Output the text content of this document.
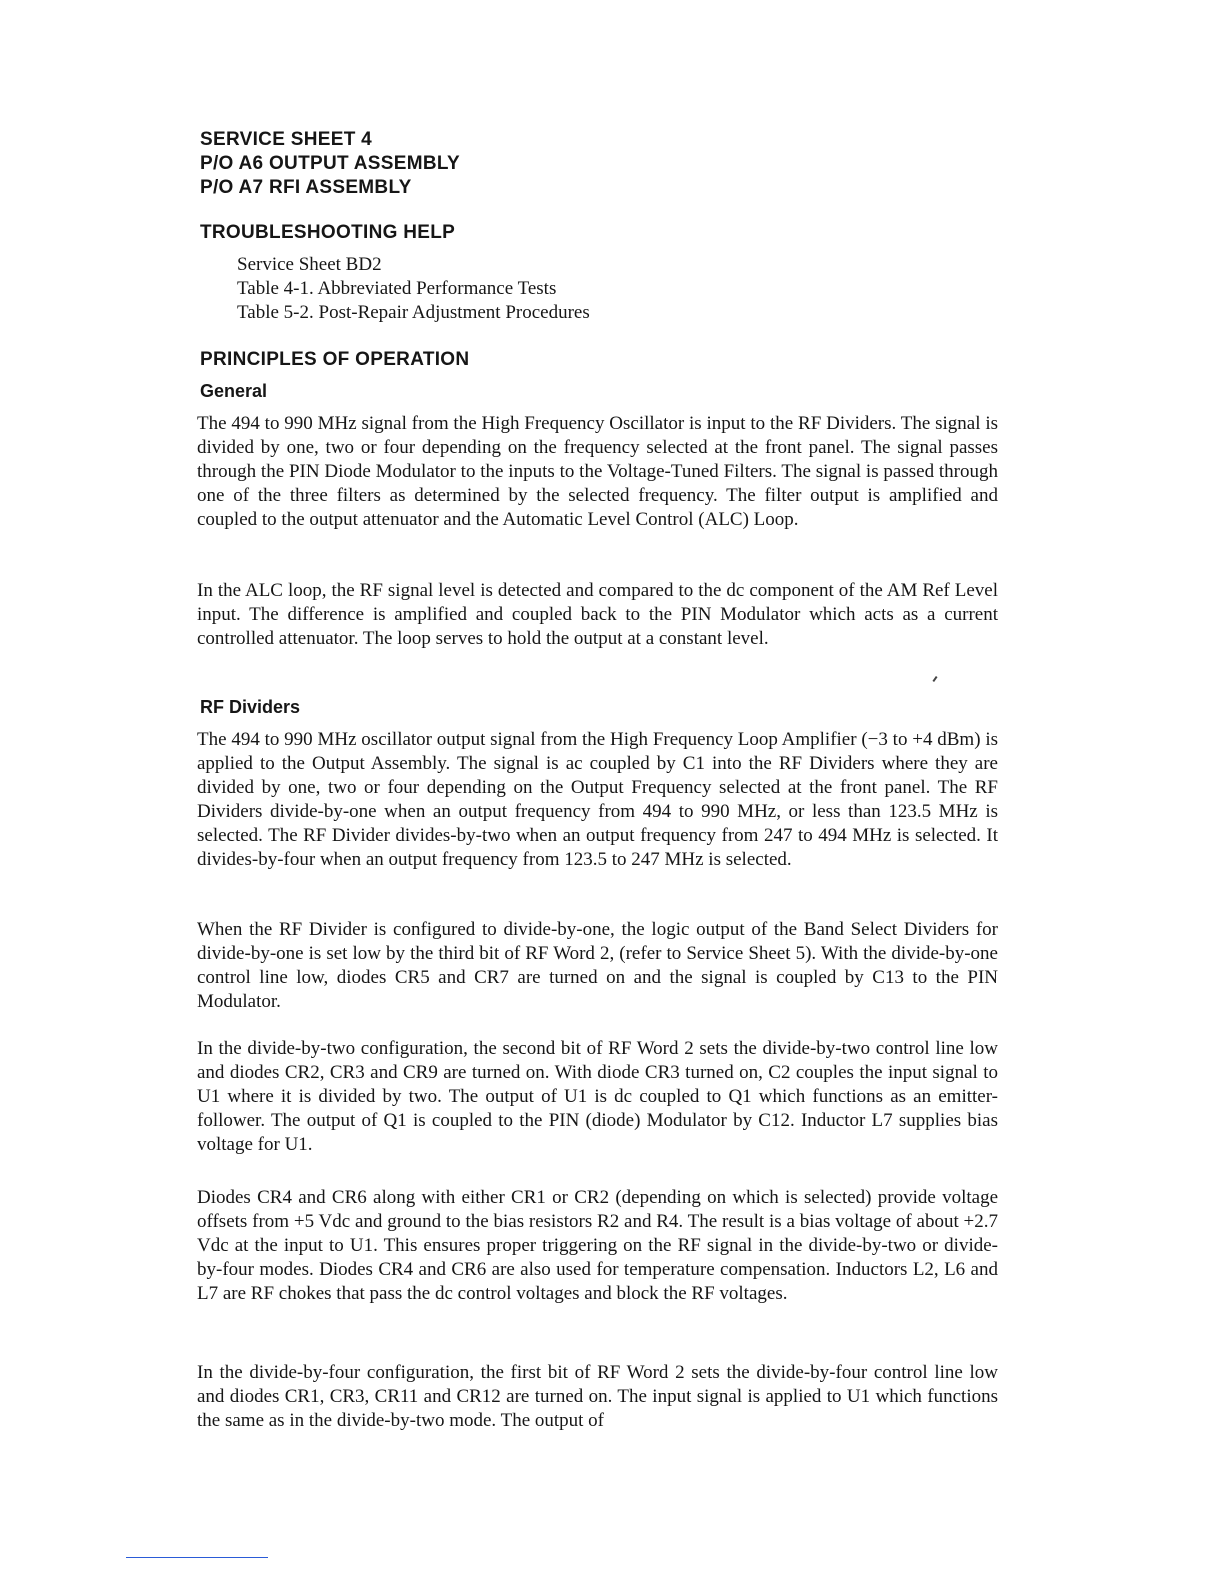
SERVICE SHEET 4
P/O A6 OUTPUT ASSEMBLY
P/O A7 RFI ASSEMBLY
TROUBLESHOOTING HELP
Service Sheet BD2
Table 4-1. Abbreviated Performance Tests
Table 5-2. Post-Repair Adjustment Procedures
PRINCIPLES OF OPERATION
General

The 494 to 990 MHz signal from the High Frequency Oscillator is input to the RF Dividers. The signal is divided by one, two or four depending on the frequency selected at the front panel. The signal passes through the PIN Diode Modulator to the inputs to the Voltage-Tuned Filters. The signal is passed through one of the three filters as determined by the selected frequency. The filter output is amplified and coupled to the output attenuator and the Automatic Level Control (ALC) Loop.

In the ALC loop, the RF signal level is detected and compared to the dc component of the AM Ref Level input. The difference is amplified and coupled back to the PIN Modulator which acts as a current controlled attenuator. The loop serves to hold the output at a constant level.

RF Dividers

The 494 to 990 MHz oscillator output signal from the High Frequency Loop Amplifier (−3 to +4 dBm) is applied to the Output Assembly. The signal is ac coupled by C1 into the RF Dividers where they are divided by one, two or four depending on the Output Frequency selected at the front panel. The RF Dividers divide-by-one when an output frequency from 494 to 990 MHz, or less than 123.5 MHz is selected. The RF Divider divides-by-two when an output frequency from 247 to 494 MHz is selected. It divides-by-four when an output frequency from 123.5 to 247 MHz is selected.

When the RF Divider is configured to divide-by-one, the logic output of the Band Select Dividers for divide-by-one is set low by the third bit of RF Word 2, (refer to Service Sheet 5). With the divide-by-one control line low, diodes CR5 and CR7 are turned on and the signal is coupled by C13 to the PIN Modulator.

In the divide-by-two configuration, the second bit of RF Word 2 sets the divide-by-two control line low and diodes CR2, CR3 and CR9 are turned on. With diode CR3 turned on, C2 couples the input signal to U1 where it is divided by two. The output of U1 is dc coupled to Q1 which functions as an emitter-follower. The output of Q1 is coupled to the PIN (diode) Modulator by C12. Inductor L7 supplies bias voltage for U1.

Diodes CR4 and CR6 along with either CR1 or CR2 (depending on which is selected) provide voltage offsets from +5 Vdc and ground to the bias resistors R2 and R4. The result is a bias voltage of about +2.7 Vdc at the input to U1. This ensures proper triggering on the RF signal in the divide-by-two or divide-by-four modes. Diodes CR4 and CR6 are also used for temperature compensation. Inductors L2, L6 and L7 are RF chokes that pass the dc control voltages and block the RF voltages.

In the divide-by-four configuration, the first bit of RF Word 2 sets the divide-by-four control line low and diodes CR1, CR3, CR11 and CR12 are turned on. The input signal is applied to U1 which functions the same as in the divide-by-two mode. The output of
